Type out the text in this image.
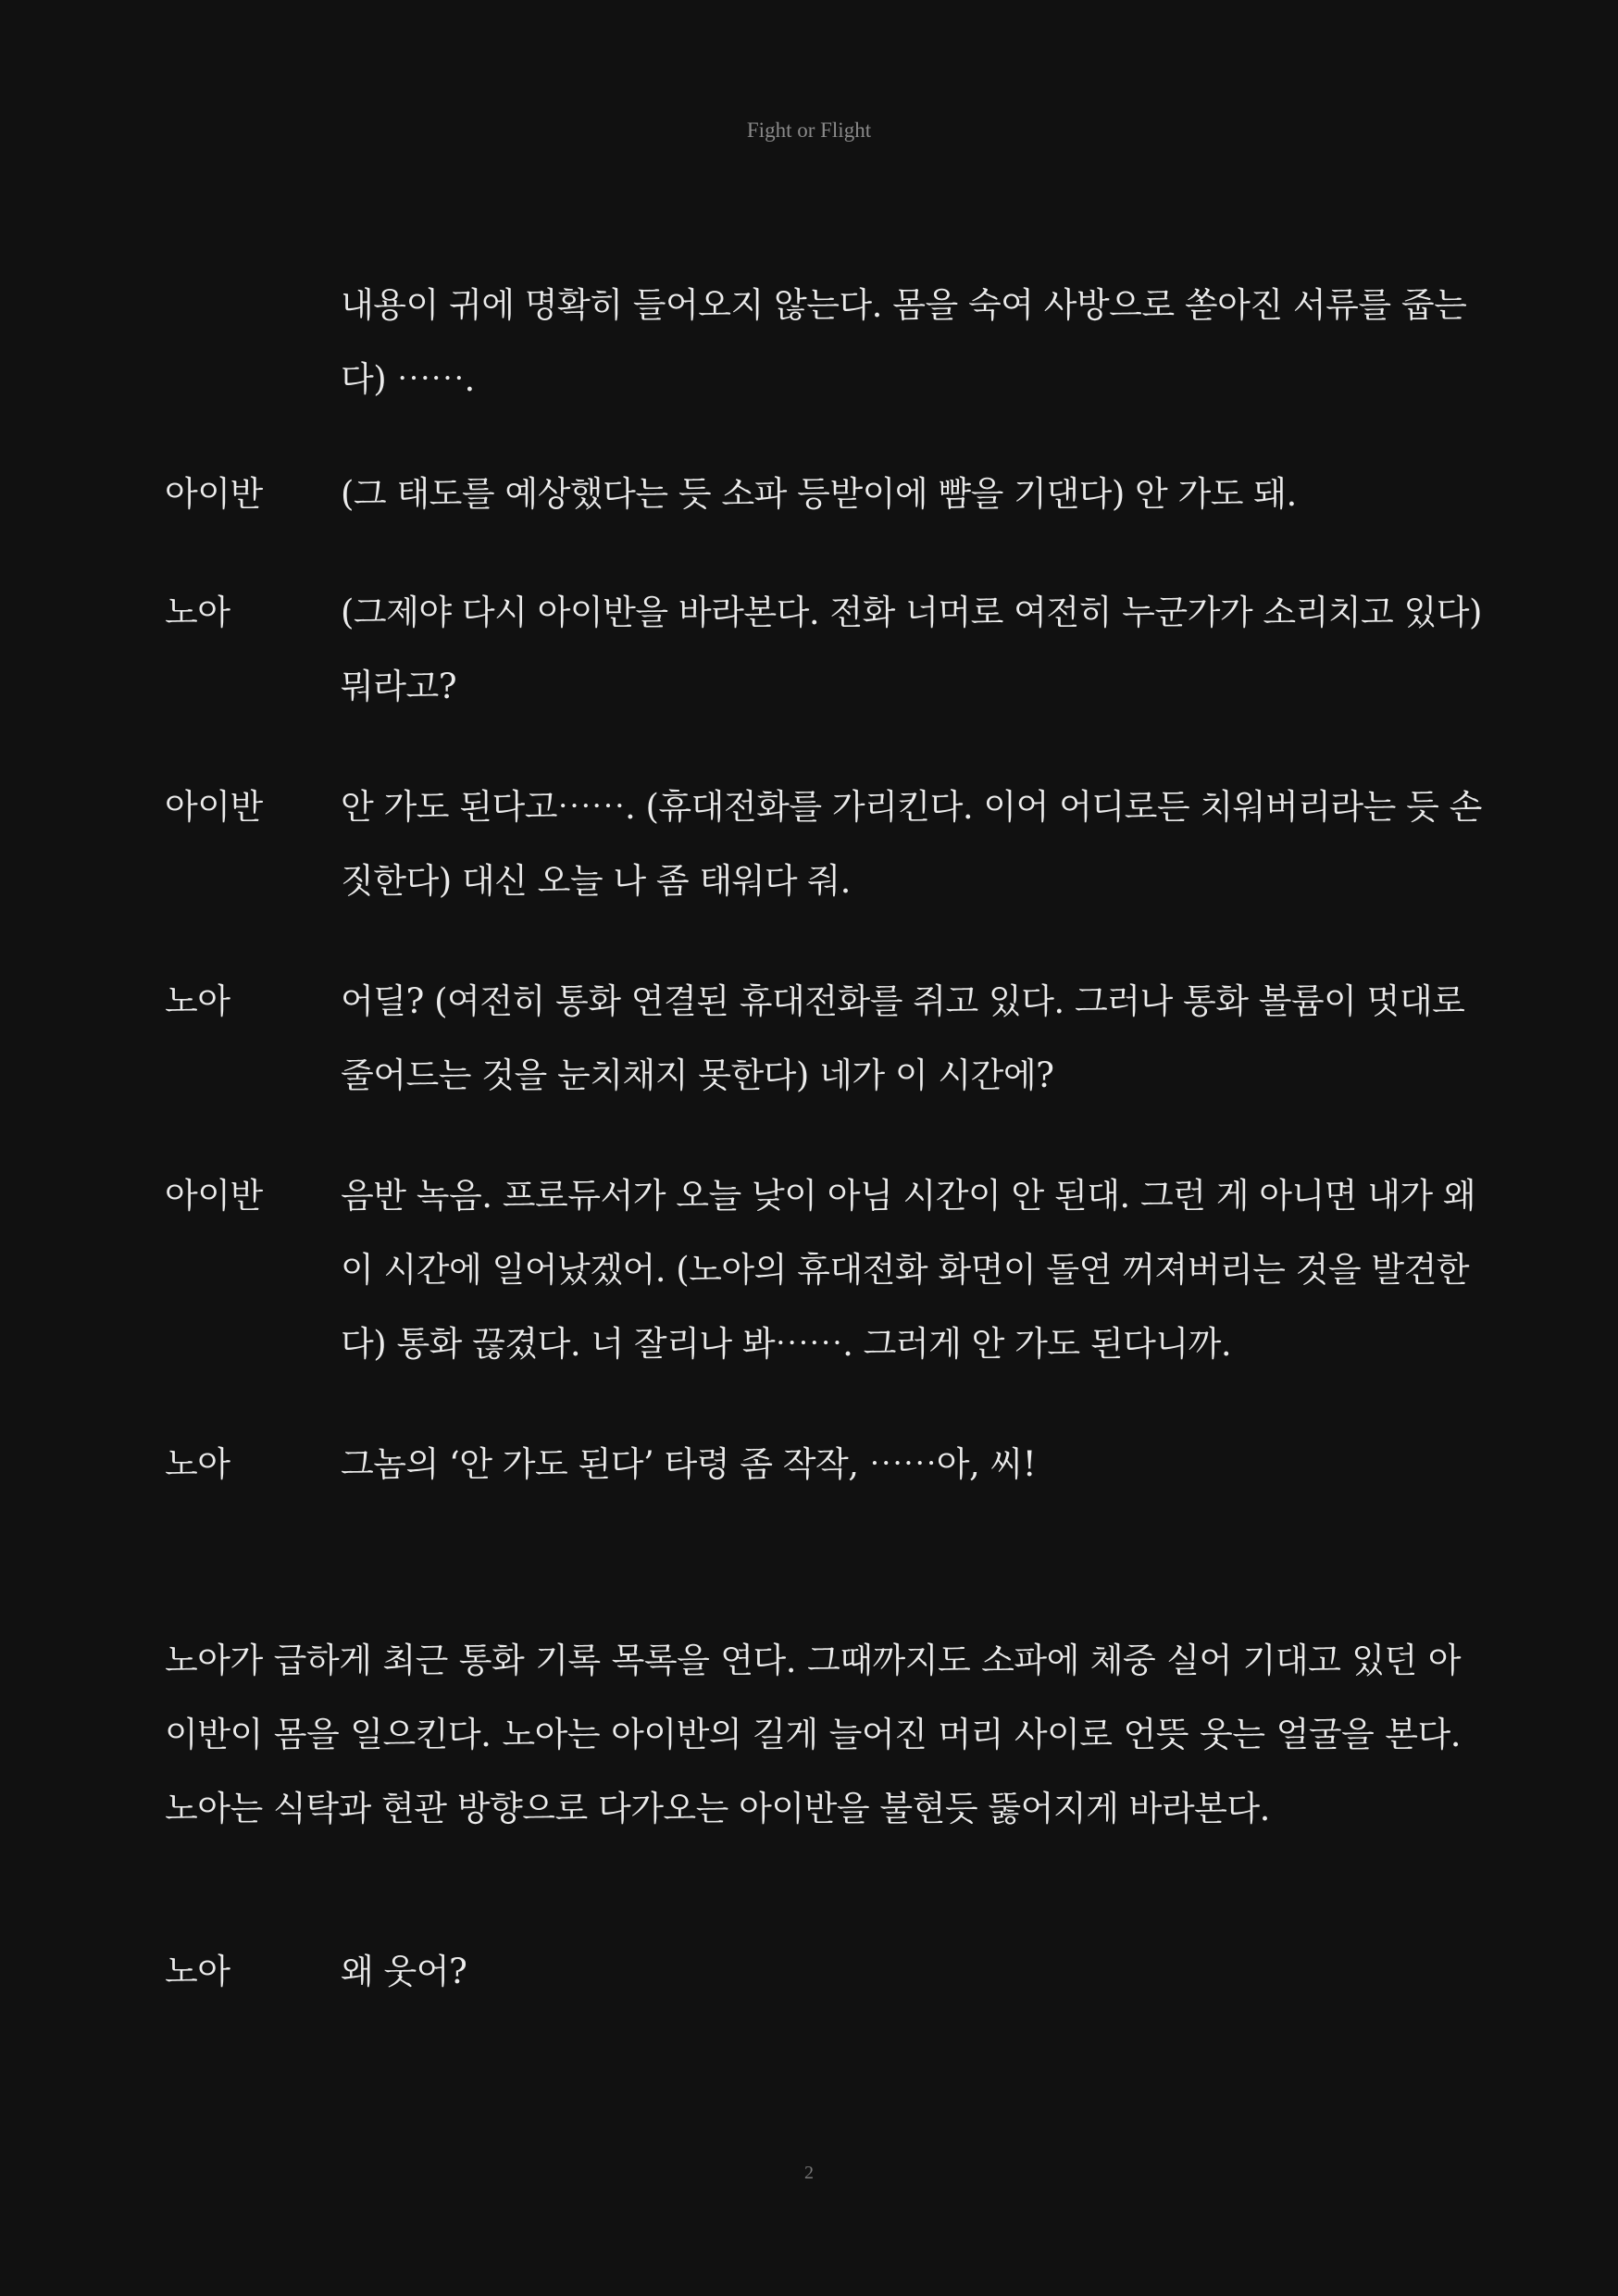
Fight or Flight
내용이 귀에 명확히 들어오지 않는다. 몸을 숙여 사방으로 쏟아진 서류를 줍는
다) ⋯⋯.
아이반	(그 태도를 예상했다는 듯 소파 등받이에 뺨을 기댄다) 안 가도 돼.
노아	(그제야 다시 아이반을 바라본다. 전화 너머로 여전히 누군가가 소리치고 있다)
뭐라고?
아이반	안 가도 된다고⋯⋯. (휴대전화를 가리킨다. 이어 어디로든 치워버리라는 듯 손
짓한다) 대신 오늘 나 좀 태워다 줘.
노아	어딜? (여전히 통화 연결된 휴대전화를 쥐고 있다. 그러나 통화 볼륨이 멋대로
줄어드는 것을 눈치채지 못한다) 네가 이 시간에?
아이반	음반 녹음. 프로듀서가 오늘 낮이 아님 시간이 안 된대. 그런 게 아니면 내가 왜
이 시간에 일어났겠어. (노아의 휴대전화 화면이 돌연 꺼져버리는 것을 발견한
다) 통화 끊겼다. 너 잘리나 봐⋯⋯. 그러게 안 가도 된다니까.
노아	그놈의 ‘안 가도 된다’ 타령 좀 작작, ⋯⋯아, 씨!
노아가 급하게 최근 통화 기록 목록을 연다. 그때까지도 소파에 체중 실어 기대고 있던 아
이반이 몸을 일으킨다. 노아는 아이반의 길게 늘어진 머리 사이로 언뜻 웃는 얼굴을 본다.
노아는 식탁과 현관 방향으로 다가오는 아이반을 불현듯 뚫어지게 바라본다.
노아	왜 웃어?
2
